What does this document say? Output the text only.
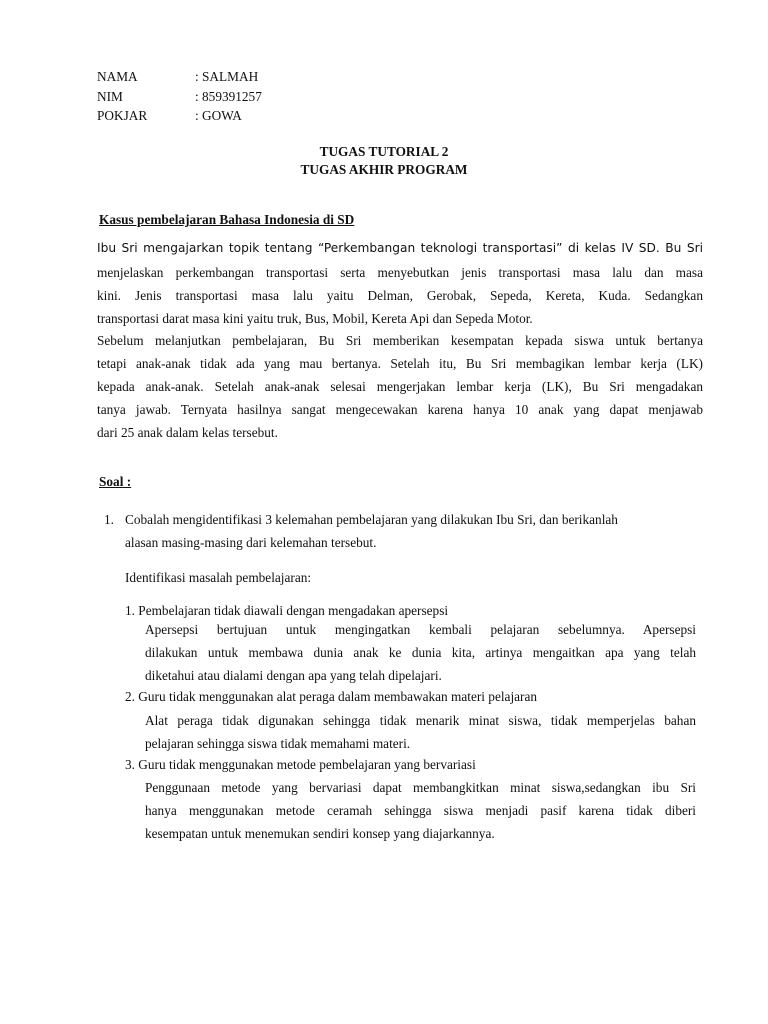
NAMA	: SALMAH
NIM	: 859391257
POKJAR	: GOWA
TUGAS TUTORIAL 2
TUGAS AKHIR PROGRAM
Kasus pembelajaran Bahasa Indonesia di SD
Ibu Sri mengajarkan topik tentang “Perkembangan teknologi transportasi” di kelas IV SD. Bu Sri
menjelaskan perkembangan transportasi serta menyebutkan jenis transportasi masa lalu dan masa
kini. Jenis transportasi masa lalu yaitu Delman, Gerobak, Sepeda, Kereta, Kuda. Sedangkan
transportasi darat masa kini yaitu truk, Bus, Mobil, Kereta Api dan Sepeda Motor.
Sebelum melanjutkan pembelajaran, Bu Sri memberikan kesempatan kepada siswa untuk bertanya
tetapi anak-anak tidak ada yang mau bertanya. Setelah itu, Bu Sri membagikan lembar kerja (LK)
kepada anak-anak. Setelah anak-anak selesai mengerjakan lembar kerja (LK), Bu Sri mengadakan
tanya jawab. Ternyata hasilnya sangat mengecewakan karena hanya 10 anak yang dapat menjawab
dari 25 anak dalam kelas tersebut.
Soal :
1. Cobalah mengidentifikasi 3 kelemahan pembelajaran yang dilakukan Ibu Sri, dan berikanlah
alasan masing-masing dari kelemahan tersebut.
Identifikasi masalah pembelajaran:
1. Pembelajaran tidak diawali dengan mengadakan apersepsi
Apersepsi bertujuan untuk mengingatkan kembali pelajaran sebelumnya. Apersepsi
dilakukan untuk membawa dunia anak ke dunia kita, artinya mengaitkan apa yang telah
diketahui atau dialami dengan apa yang telah dipelajari.
2. Guru tidak menggunakan alat peraga dalam membawakan materi pelajaran
Alat peraga tidak digunakan sehingga tidak menarik minat siswa, tidak memperjelas bahan
pelajaran sehingga siswa tidak memahami materi.
3. Guru tidak menggunakan metode pembelajaran yang bervariasi
Penggunaan metode yang bervariasi dapat membangkitkan minat siswa,sedangkan ibu Sri
hanya menggunakan metode ceramah sehingga siswa menjadi pasif karena tidak diberi
kesempatan untuk menemukan sendiri konsep yang diajarkannya.
